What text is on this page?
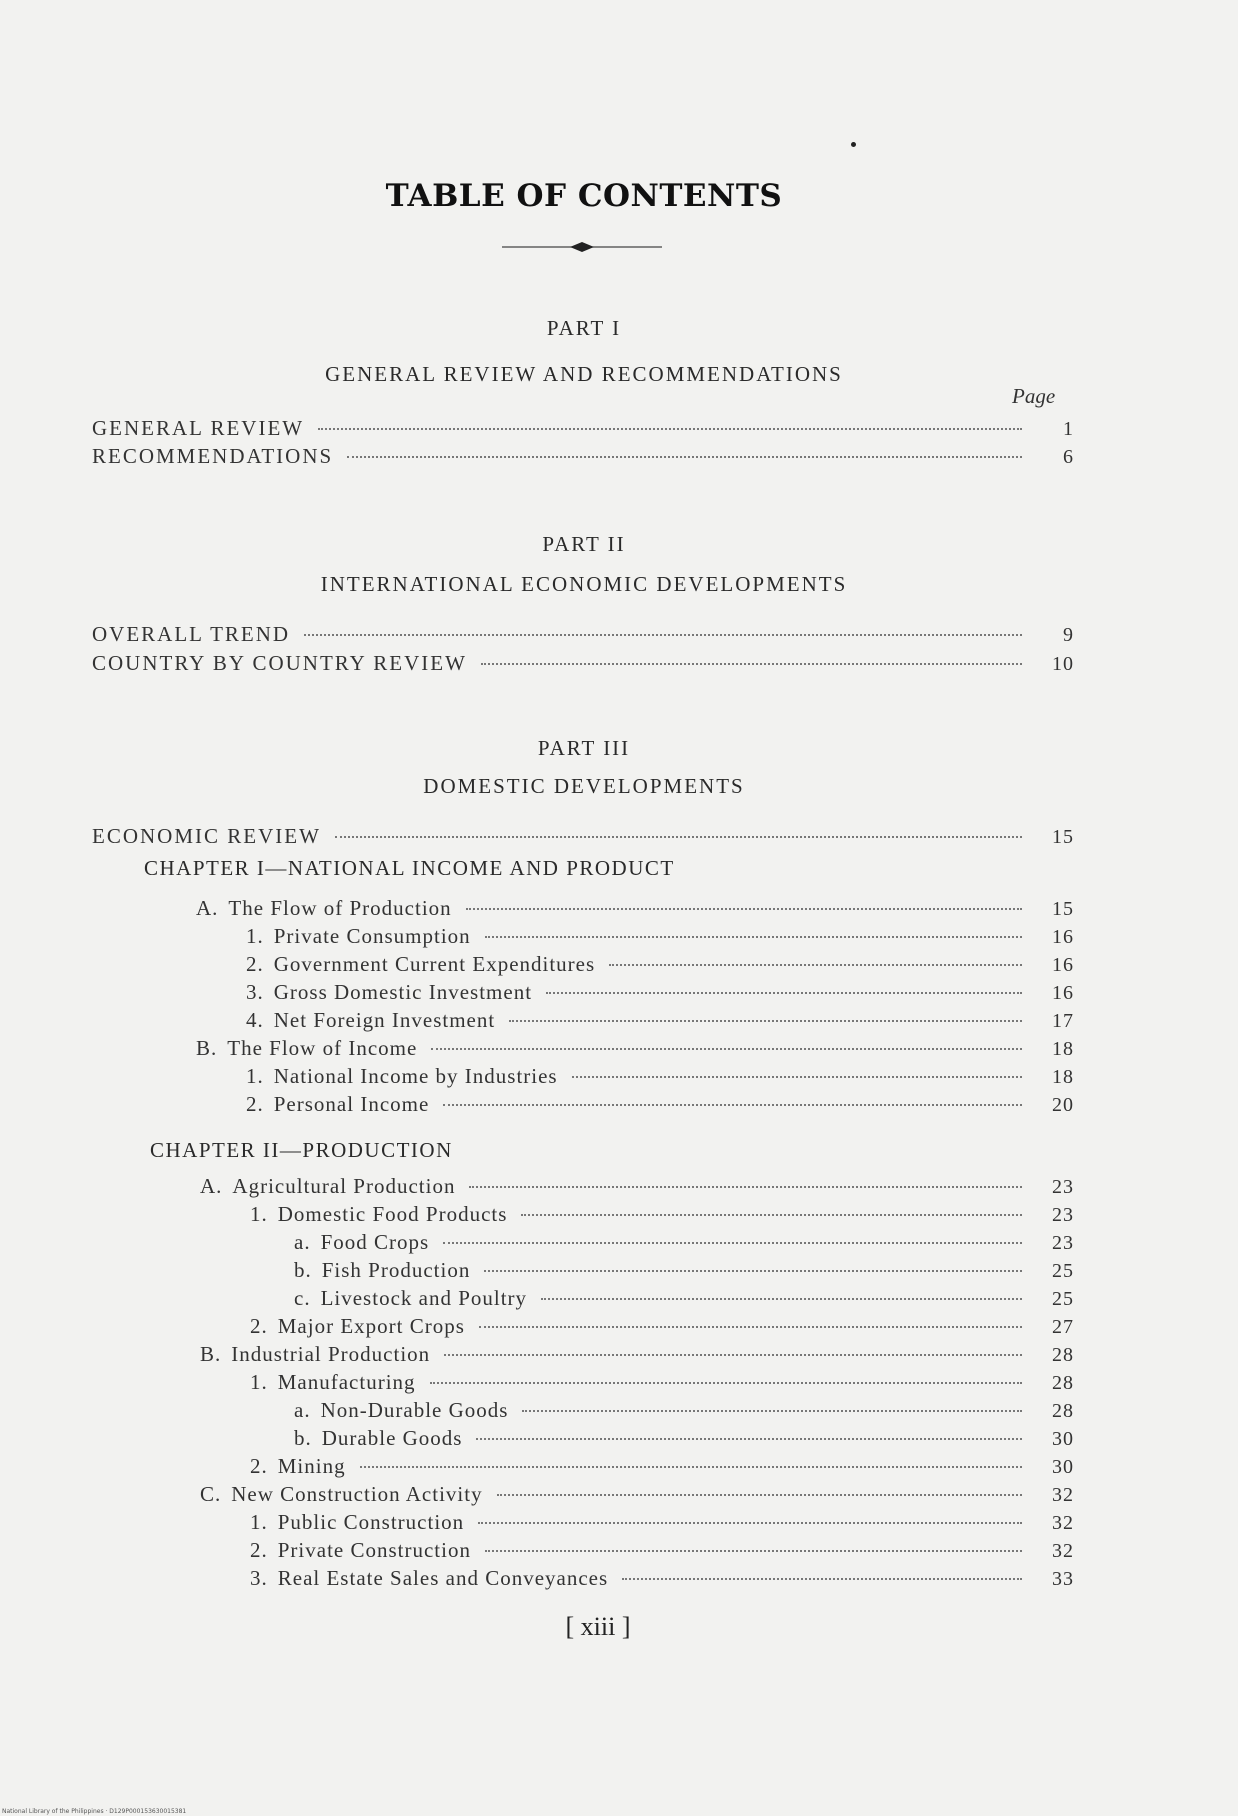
TABLE OF CONTENTS
PART I
GENERAL REVIEW AND RECOMMENDATIONS
Page
GENERAL REVIEW	1
RECOMMENDATIONS	6
PART II
INTERNATIONAL ECONOMIC DEVELOPMENTS
OVERALL TREND	9
COUNTRY BY COUNTRY REVIEW	10
PART III
DOMESTIC DEVELOPMENTS
ECONOMIC REVIEW	15
CHAPTER I—NATIONAL INCOME AND PRODUCT
A. The Flow of Production	15
1. Private Consumption	16
2. Government Current Expenditures	16
3. Gross Domestic Investment	16
4. Net Foreign Investment	17
B. The Flow of Income	18
1. National Income by Industries	18
2. Personal Income	20
CHAPTER II—PRODUCTION
A. Agricultural Production	23
1. Domestic Food Products	23
a. Food Crops	23
b. Fish Production	25
c. Livestock and Poultry	25
2. Major Export Crops	27
B. Industrial Production	28
1. Manufacturing	28
a. Non-Durable Goods	28
b. Durable Goods	30
2. Mining	30
C. New Construction Activity	32
1. Public Construction	32
2. Private Construction	32
3. Real Estate Sales and Conveyances	33
[ xiii ]
National Library of the Philippines · D129P000153630015381
